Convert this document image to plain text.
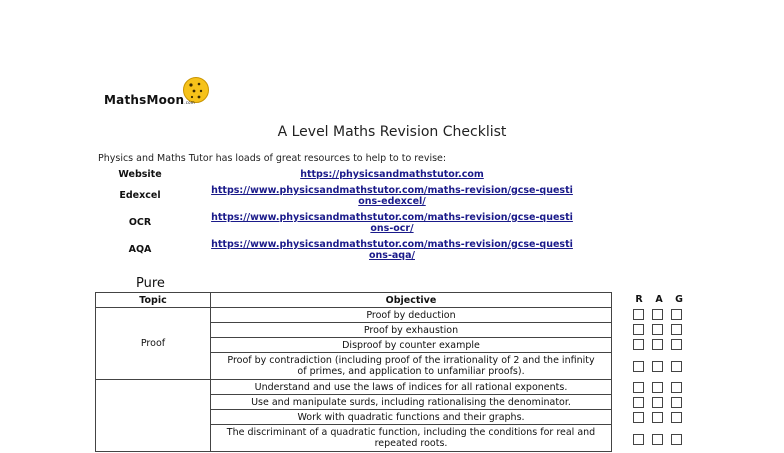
MathsMoon.com
A Level Maths Revision Checklist
Physics and Maths Tutor has loads of great resources to help to to revise:
Website	https://physicsandmathstutor.com
Edexcel	https://www.physicsandmathstutor.com/maths-revision/gcse-questi
ons-edexcel/
OCR	https://www.physicsandmathstutor.com/maths-revision/gcse-questi
ons-ocr/
AQA	https://www.physicsandmathstutor.com/maths-revision/gcse-questi
ons-aqa/
Pure
Topic	Objective
Proof	Proof by deduction
	Proof by exhaustion
	Disproof by counter example
	Proof by contradiction (including proof of the irrationality of 2 and the infinity
of primes, and application to unfamiliar proofs).
	Understand and use the laws of indices for all rational exponents.
	Use and manipulate surds, including rationalising the denominator.
	Work with quadratic functions and their graphs.
	The discriminant of a quadratic function, including the conditions for real and
repeated roots.
R	A	G
